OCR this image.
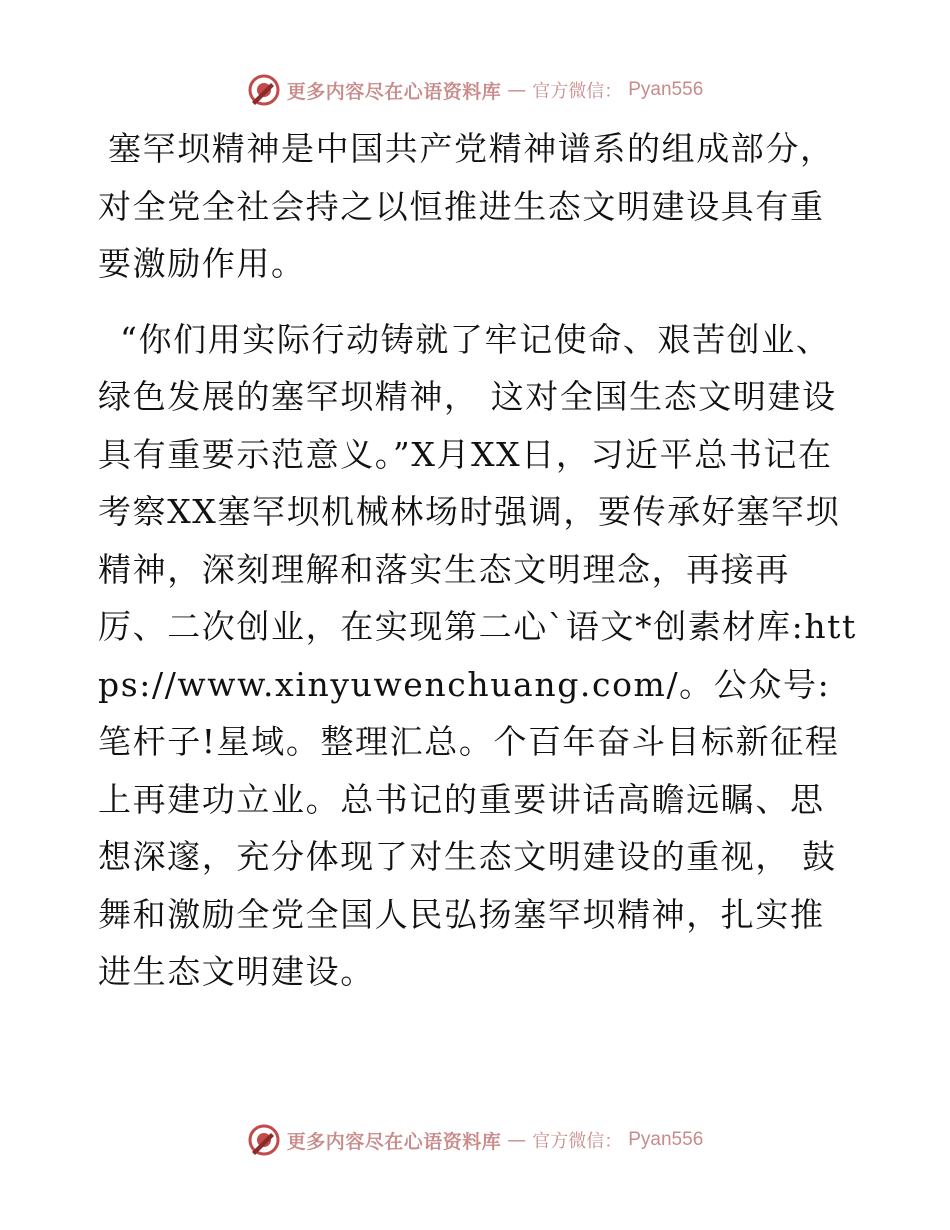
更多内容尽在心语资料库 — 官方微信： Pyan556

塞罕坝精神是中国共产党精神谱系的组成部分，对全党全社会持之以恒推进生态文明建设具有重要激励作用。

“你们用实际行动铸就了牢记使命、艰苦创业、绿色发展的塞罕坝精神， 这对全国生态文明建设具有重要示范意义。”X月XX日，习近平总书记在考察XX塞罕坝机械林场时强调，要传承好塞罕坝精神，深刻理解和落实生态文明理念，再接再厉、二次创业，在实现第二心ˋ语文*创素材库:https://www.xinyuwenchuang.com/。公众号: 笔杆子!星域。整理汇总。个百年奋斗目标新征程上再建功立业。总书记的重要讲话高瞻远瞩、思想深邃，充分体现了对生态文明建设的重视， 鼓舞和激励全党全国人民弘扬塞罕坝精神，扎实推进生态文明建设。

更多内容尽在心语资料库 — 官方微信： Pyan556
